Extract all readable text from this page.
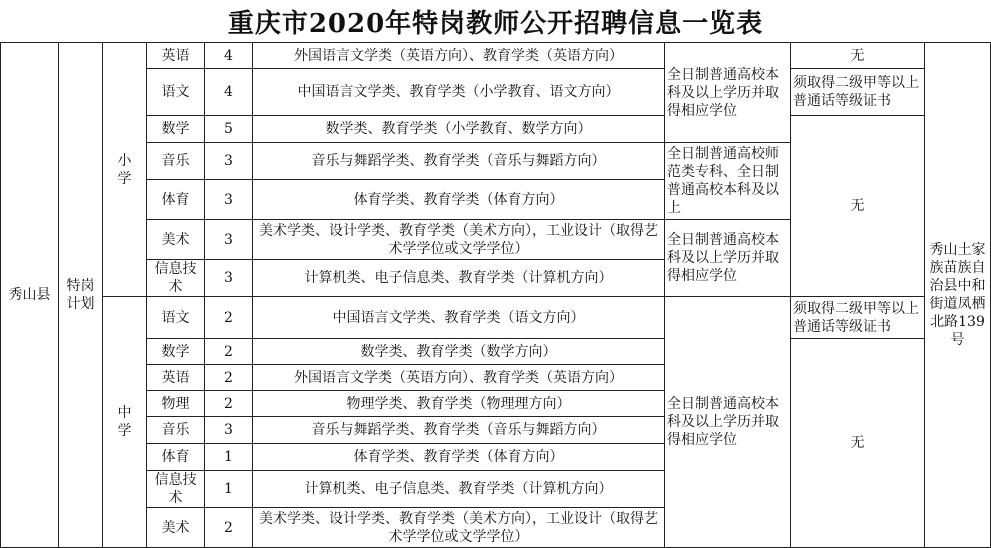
重庆市2020年特岗教师公开招聘信息一览表
秀山县	特岗计划	小学	英语	4	外国语言文学类（英语方向）、教育学类（英语方向）	全日制普通高校本科及以上学历并取得相应学位	无	秀山土家族苗族自治县中和街道凤栖北路139号
			语文	4	中国语言文学类、教育学类（小学教育、语文方向）		须取得二级甲等以上普通话等级证书	
			数学	5	数学类、教育学类（小学教育、数学方向）		无	
			音乐	3	音乐与舞蹈学类、教育学类（音乐与舞蹈方向）	全日制普通高校师范类专科、全日制普通高校本科及以上		
			体育	3	体育学类、教育学类（体育方向）			
			美术	3	美术学类、设计学类、教育学类（美术方向），工业设计（取得艺术学学位或文学学位）	全日制普通高校本科及以上学历并取得相应学位		
			信息技术	3	计算机类、电子信息类、教育学类（计算机方向）			
		中学	语文	2	中国语言文学类、教育学类（语文方向）	全日制普通高校本科及以上学历并取得相应学位	须取得二级甲等以上普通话等级证书	
			数学	2	数学类、教育学类（数学方向）		无	
			英语	2	外国语言文学类（英语方向）、教育学类（英语方向）			
			物理	2	物理学类、教育学类（物理理方向）			
			音乐	3	音乐与舞蹈学类、教育学类（音乐与舞蹈方向）			
			体育	1	体育学类、教育学类（体育方向）			
			信息技术	1	计算机类、电子信息类、教育学类（计算机方向）			
			美术	2	美术学类、设计学类、教育学类（美术方向），工业设计（取得艺术学学位或文学学位）			
